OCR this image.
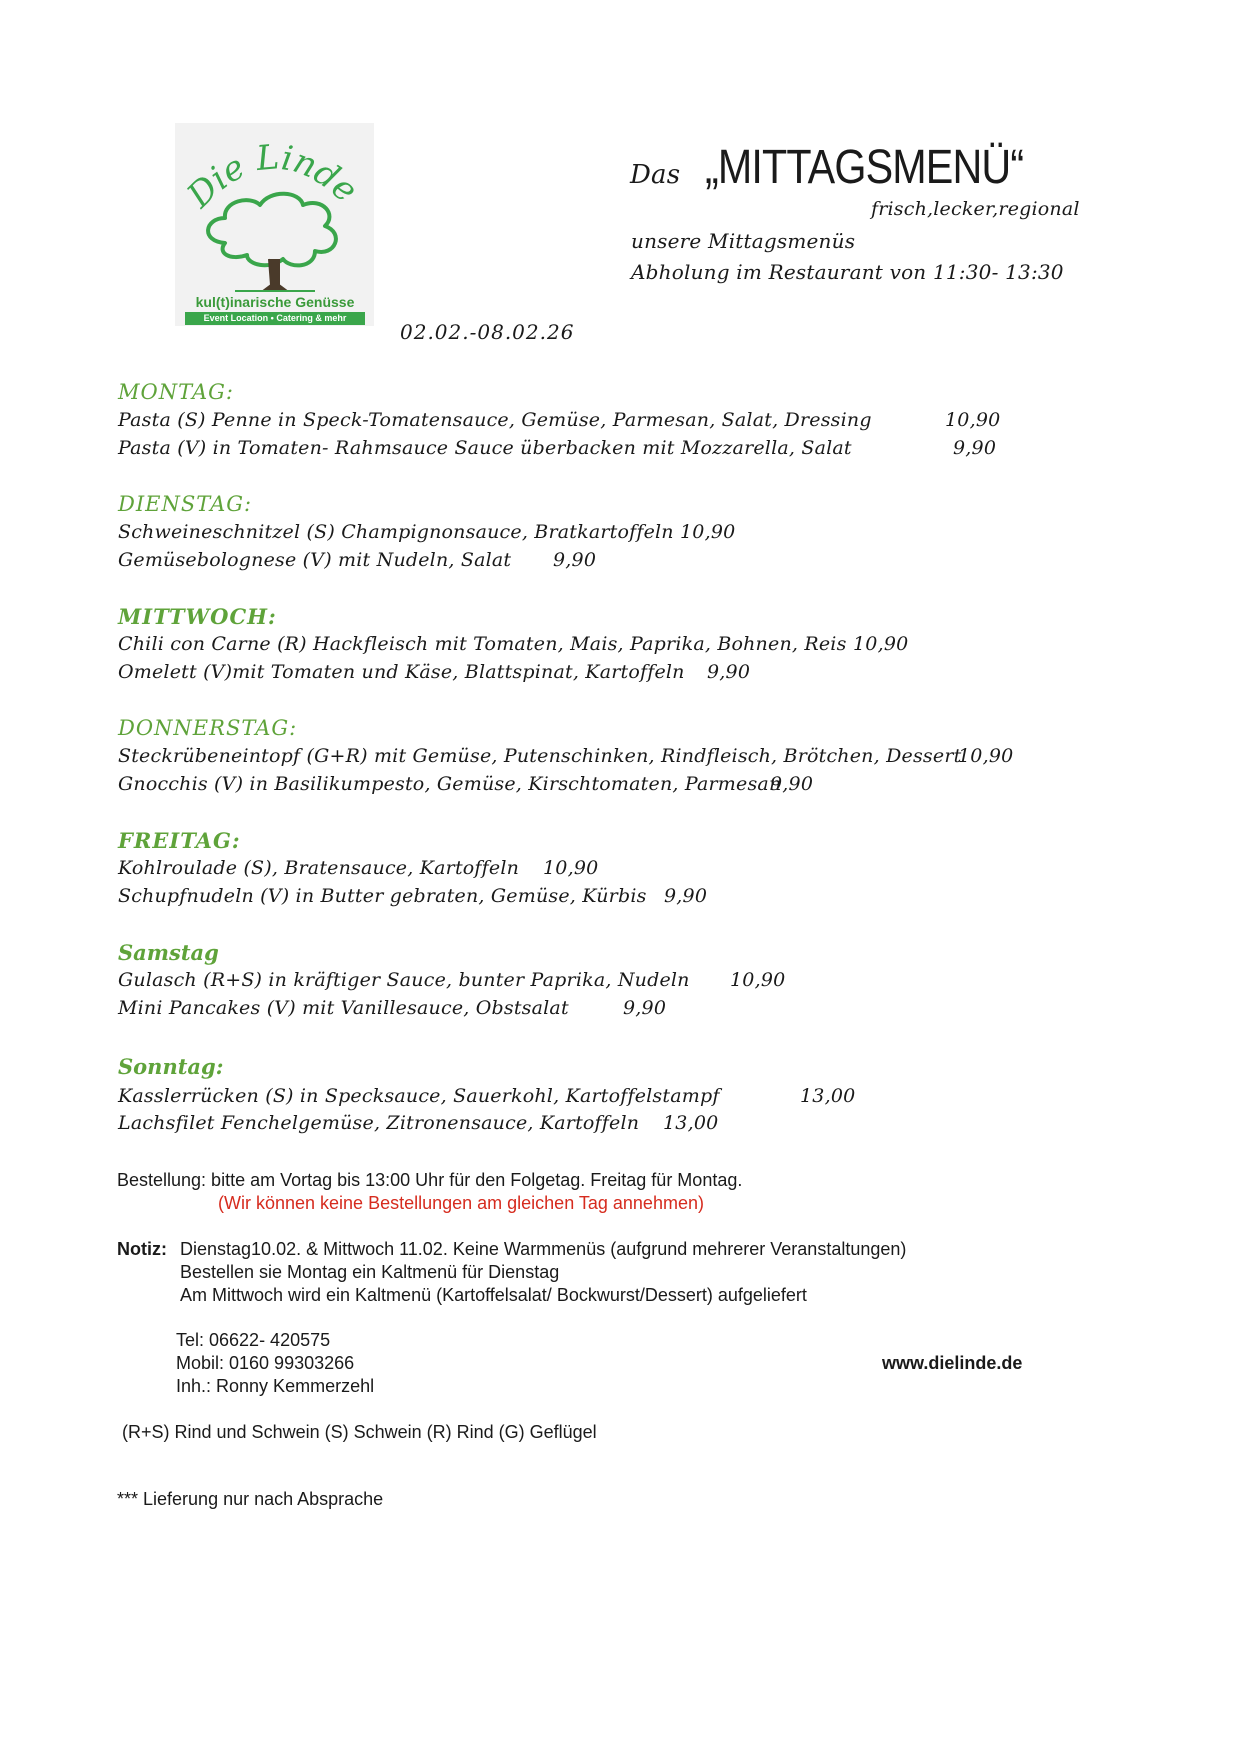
Die Linde
kul(t)inarische Genüsse
Event Location • Catering & mehr
Das „MITTAGSMENÜ“
frisch,lecker,regional
unsere Mittagsmenüs
Abholung im Restaurant von 11:30- 13:30
02.02.-08.02.26
MONTAG:
Pasta (S) Penne in Speck-Tomatensauce, Gemüse, Parmesan, Salat, Dressing	10,90
Pasta (V) in Tomaten- Rahmsauce Sauce überbacken mit Mozzarella, Salat	9,90
DIENSTAG:
Schweineschnitzel (S) Champignonsauce, Bratkartoffeln 10,90
Gemüsebolognese (V) mit Nudeln, Salat 9,90
MITTWOCH:
Chili con Carne (R) Hackfleisch mit Tomaten, Mais, Paprika, Bohnen, Reis 10,90
Omelett (V)mit Tomaten und Käse, Blattspinat, Kartoffeln 9,90
DONNERSTAG:
Steckrübeneintopf (G+R) mit Gemüse, Putenschinken, Rindfleisch, Brötchen, Dessert
10,90
Gnocchis (V) in Basilikumpesto, Gemüse, Kirschtomaten, Parmesan
9,90
FREITAG:
Kohlroulade (S), Bratensauce, Kartoffeln 10,90
Schupfnudeln (V) in Butter gebraten, Gemüse, Kürbis 9,90
Samstag
Gulasch (R+S) in kräftiger Sauce, bunter Paprika, Nudeln 10,90
Mini Pancakes (V) mit Vanillesauce, Obstsalat	9,90
Sonntag:
Kasslerrücken (S) in Specksauce, Sauerkohl, Kartoffelstampf	13,00
Lachsfilet Fenchelgemüse, Zitronensauce, Kartoffeln 13,00
Bestellung: bitte am Vortag bis 13:00 Uhr für den Folgetag. Freitag für Montag.
(Wir können keine Bestellungen am gleichen Tag annehmen)
Notiz: Dienstag10.02. & Mittwoch 11.02. Keine Warmmenüs (aufgrund mehrerer Veranstaltungen)
Bestellen sie Montag ein Kaltmenü für Dienstag
Am Mittwoch wird ein Kaltmenü (Kartoffelsalat/ Bockwurst/Dessert) aufgeliefert
Tel: 06622- 420575
Mobil: 0160 99303266
Inh.: Ronny Kemmerzehl
www.dielinde.de
(R+S) Rind und Schwein (S) Schwein (R) Rind (G) Geflügel
*** Lieferung nur nach Absprache
